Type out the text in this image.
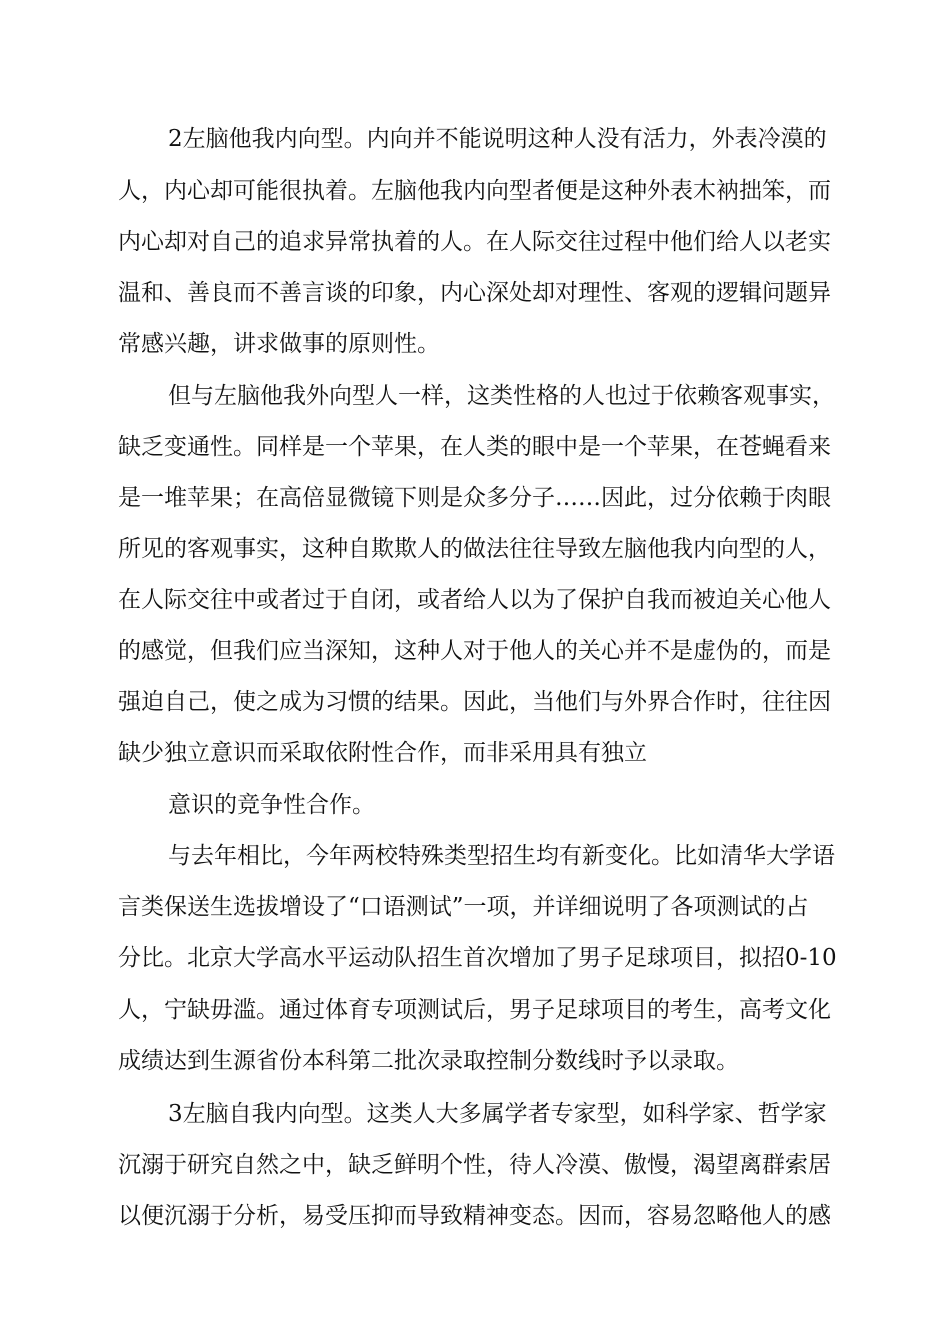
2左脑他我内向型。内向并不能说明这种人没有活力，外表冷漠的
人，内心却可能很执着。左脑他我内向型者便是这种外表木衲拙笨，而
内心却对自己的追求异常执着的人。在人际交往过程中他们给人以老实
温和、善良而不善言谈的印象，内心深处却对理性、客观的逻辑问题异
常感兴趣，讲求做事的原则性。
但与左脑他我外向型人一样，这类性格的人也过于依赖客观事实，
缺乏变通性。同样是一个苹果，在人类的眼中是一个苹果，在苍蝇看来
是一堆苹果；在高倍显微镜下则是众多分子……因此，过分依赖于肉眼
所见的客观事实，这种自欺欺人的做法往往导致左脑他我内向型的人，
在人际交往中或者过于自闭，或者给人以为了保护自我而被迫关心他人
的感觉，但我们应当深知，这种人对于他人的关心并不是虚伪的，而是
强迫自己，使之成为习惯的结果。因此，当他们与外界合作时，往往因
缺少独立意识而采取依附性合作，而非采用具有独立
意识的竞争性合作。
与去年相比，今年两校特殊类型招生均有新变化。比如清华大学语
言类保送生选拔增设了“口语测试”一项，并详细说明了各项测试的占
分比。北京大学高水平运动队招生首次增加了男子足球项目，拟招0-10
人，宁缺毋滥。通过体育专项测试后，男子足球项目的考生，高考文化
成绩达到生源省份本科第二批次录取控制分数线时予以录取。
3左脑自我内向型。这类人大多属学者专家型，如科学家、哲学家
沉溺于研究自然之中，缺乏鲜明个性，待人冷漠、傲慢，渴望离群索居
以便沉溺于分析，易受压抑而导致精神变态。因而，容易忽略他人的感
